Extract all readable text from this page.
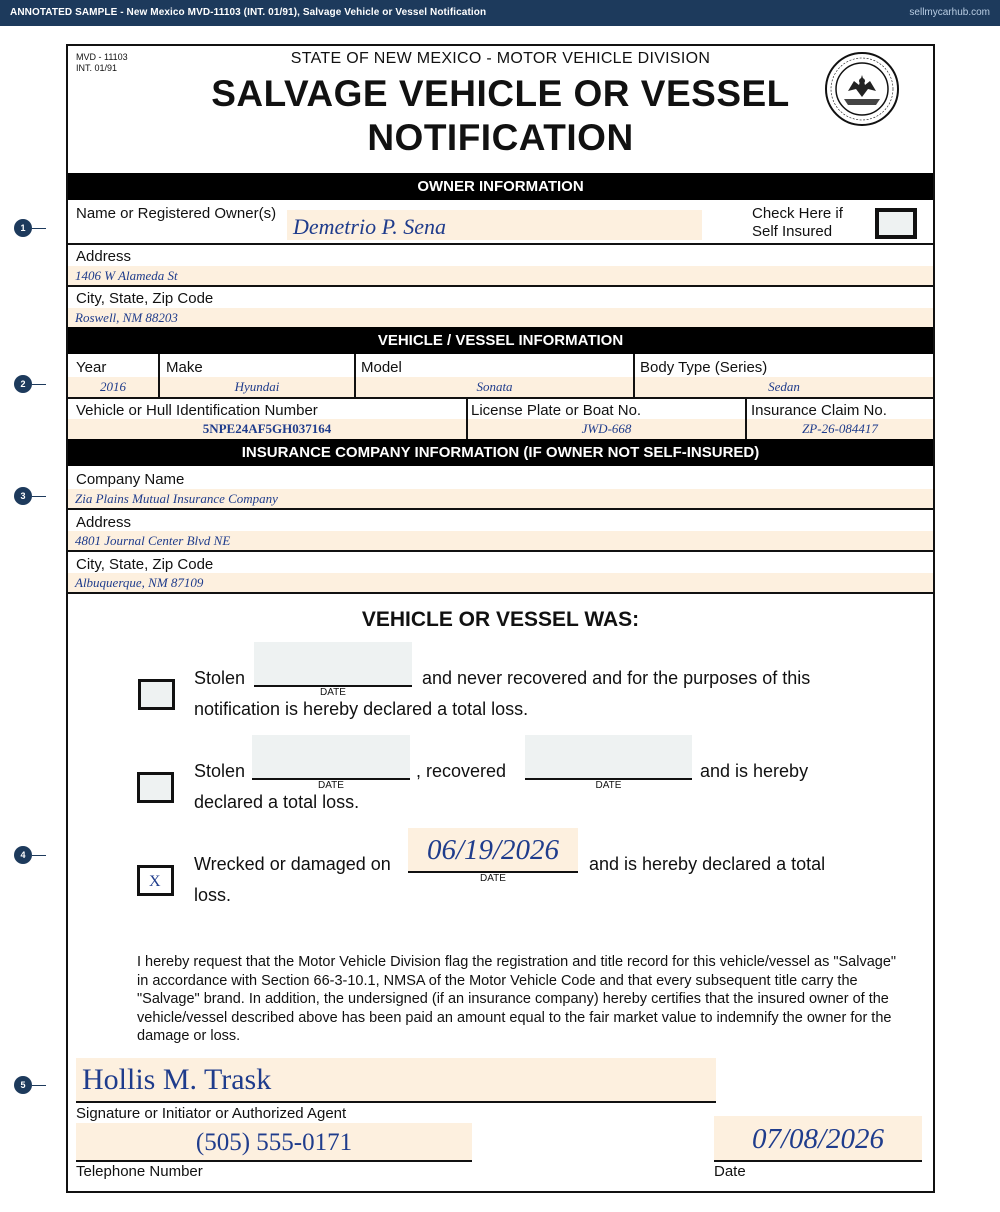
ANNOTATED SAMPLE - New Mexico MVD-11103 (INT. 01/91), Salvage Vehicle or Vessel Notification	sellmycarhub.com
1
2
3
4
5
MVD - 11103
INT. 01/91
STATE OF NEW MEXICO - MOTOR VEHICLE DIVISION
SALVAGE VEHICLE OR VESSEL
NOTIFICATION
OWNER INFORMATION
Name or Registered Owner(s)
Demetrio P. Sena
Check Here if
Self Insured
Address
1406 W Alameda St
City, State, Zip Code
Roswell, NM 88203
VEHICLE / VESSEL INFORMATION
Year
2016
Make
Hyundai
Model
Sonata
Body Type (Series)
Sedan
Vehicle or Hull Identification Number
5NPE24AF5GH037164
License Plate or Boat No.
JWD-668
Insurance Claim No.
ZP-26-084417
INSURANCE COMPANY INFORMATION (IF OWNER NOT SELF-INSURED)
Company Name
Zia Plains Mutual Insurance Company
Address
4801 Journal Center Blvd NE
City, State, Zip Code
Albuquerque, NM 87109
VEHICLE OR VESSEL WAS:
Stolen
DATE
and never recovered and for the purposes of this
notification is hereby declared a total loss.
Stolen
DATE
, recovered
DATE
and is hereby
declared a total loss.
X
Wrecked or damaged on	06/19/2026
DATE
and is hereby declared a total
loss.
I hereby request that the Motor Vehicle Division flag the registration and title record for this vehicle/vessel as "Salvage" in accordance with Section 66-3-10.1, NMSA of the Motor Vehicle Code and that every subsequent title carry the "Salvage" brand. In addition, the undersigned (if an insurance company) hereby certifies that the insured owner of the vehicle/vessel described above has been paid an amount equal to the fair market value to indemnify the owner for the damage or loss.
Hollis M. Trask
Signature or Initiator or Authorized Agent
(505) 555-0171
Telephone Number
07/08/2026
Date
